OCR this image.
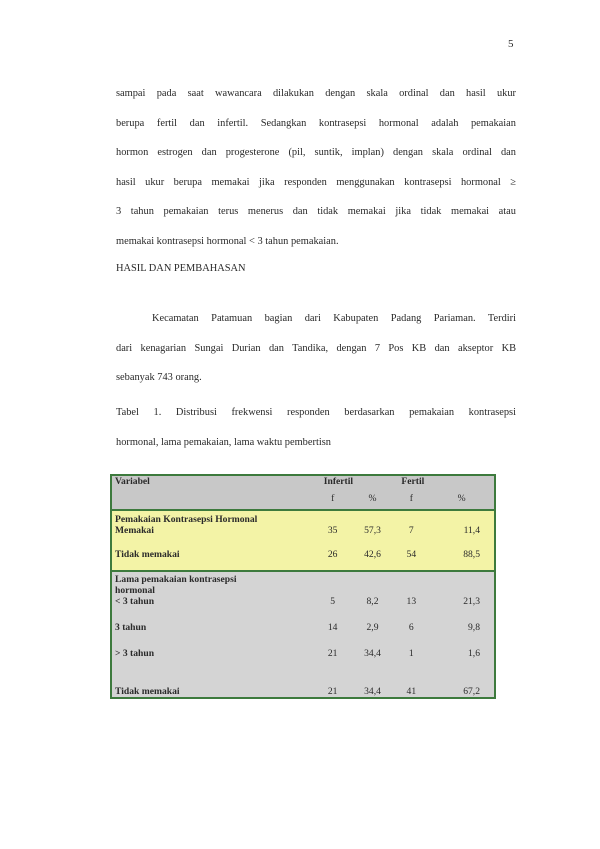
5
sampai pada saat wawancara dilakukan dengan skala ordinal dan hasil ukur
berupa fertil dan infertil. Sedangkan kontrasepsi hormonal adalah pemakaian
hormon estrogen dan progesterone (pil, suntik, implan) dengan skala ordinal dan
hasil ukur berupa memakai jika responden menggunakan kontrasepsi hormonal ≥
3 tahun pemakaian terus menerus dan tidak memakai jika tidak memakai atau
memakai kontrasepsi hormonal < 3 tahun pemakaian.
HASIL DAN PEMBAHASAN
Kecamatan Patamuan bagian dari Kabupaten Padang Pariaman. Terdiri
dari kenagarian Sungai Durian dan Tandika, dengan 7 Pos KB dan akseptor KB
sebanyak 743 orang.
Tabel 1. Distribusi frekwensi responden berdasarkan pemakaian kontrasepsi
hormonal, lama pemakaian, lama waktu pembertisn
Variabel	Infertil		Fertil	
	f	%	f	%
Pemakaian Kontrasepsi Hormonal				
Memakai	35	57,3	7	11,4
Tidak memakai	26	42,6	54	88,5
Lama pemakaian kontrasepsi
hormonal				
< 3 tahun	5	8,2	13	21,3
3 tahun	14	2,9	6	9,8
> 3 tahun	21	34,4	1	1,6
Tidak memakai	21	34,4	41	67,2
